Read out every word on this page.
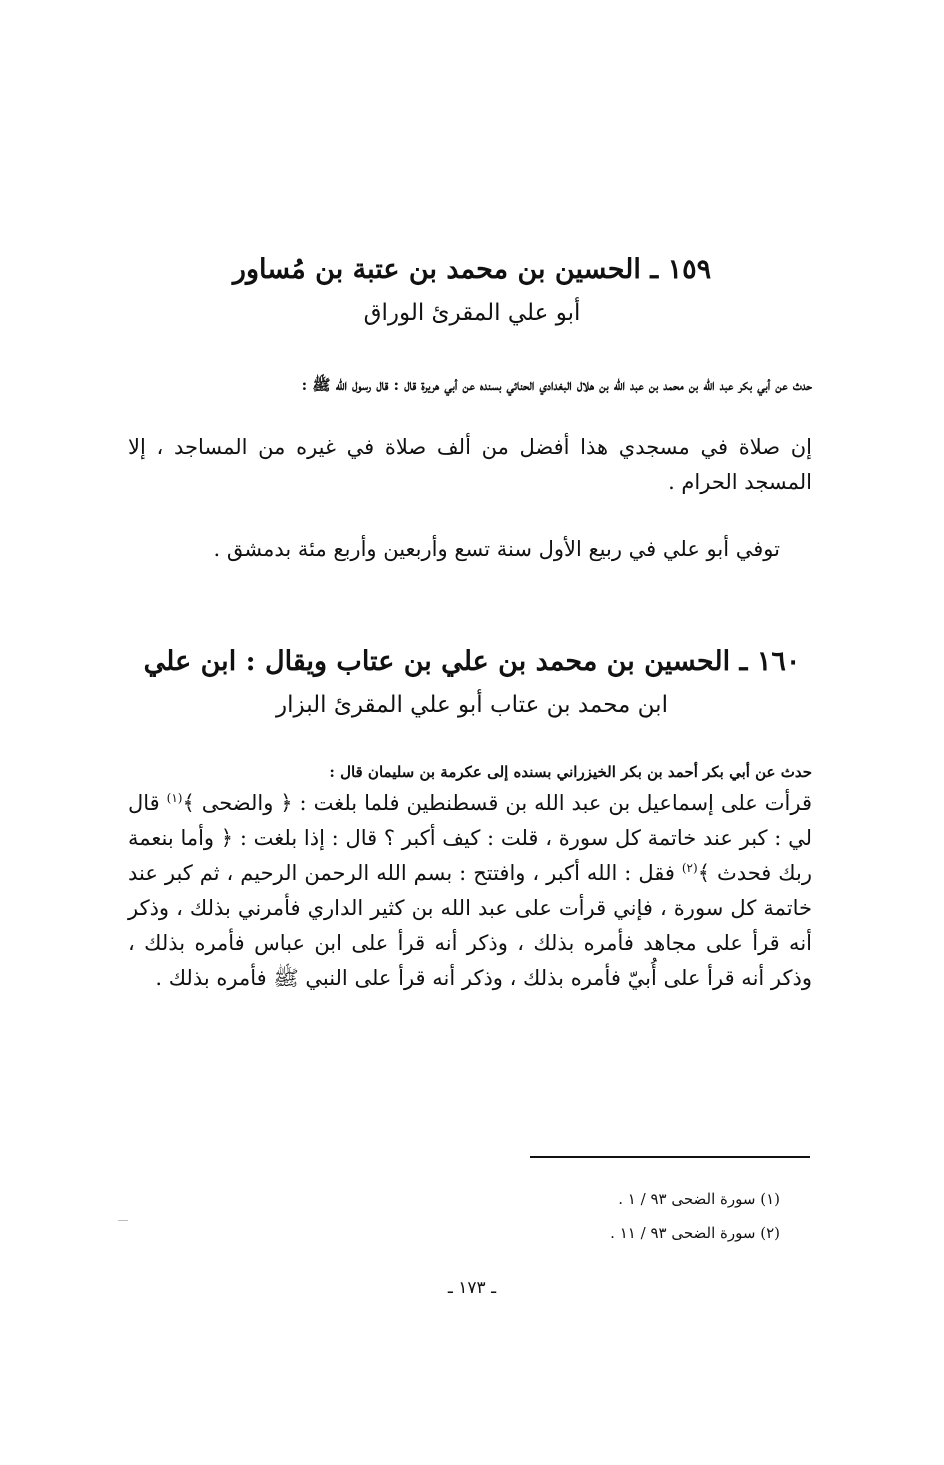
١٥٩ ـ الحسين بن محمد بن عتبة بن مُساور
أبو علي المقرئ الوراق
حدث عن أبي بكر عبد الله بن محمد بن عبد الله بن هلال البغدادي الحنائي بسنده عن أبي هريرة قال : قال رسول الله ﷺ :
إن صلاة في مسجدي هذا أفضل من ألف صلاة في غيره من المساجد ، إلا المسجد الحرام .
توفي أبو علي في ربيع الأول سنة تسع وأربعين وأربع مئة بدمشق .
١٦٠ ـ الحسين بن محمد بن علي بن عتاب ويقال : ابن علي
ابن محمد بن عتاب أبو علي المقرئ البزار
حدث عن أبي بكر أحمد بن بكر الخيزراني بسنده إلى عكرمة بن سليمان قال :
قرأت على إسماعيل بن عبد الله بن قسطنطين فلما بلغت : ﴿ والضحى ﴾$^{(١)}$ قال لي : كبر عند خاتمة كل سورة ، قلت : كيف أكبر ؟ قال : إذا بلغت : ﴿ وأما بنعمة ربك فحدث ﴾$^{(٢)}$ فقل : الله أكبر ، وافتتح : بسم الله الرحمن الرحيم ، ثم كبر عند خاتمة كل سورة ، فإني قرأت على عبد الله بن كثير الداري فأمرني بذلك ، وذكر أنه قرأ على مجاهد فأمره بذلك ، وذكر أنه قرأ على ابن عباس فأمره بذلك ، وذكر أنه قرأ على أُبيّ فأمره بذلك ، وذكر أنه قرأ على النبي ﷺ فأمره بذلك .
(١) سورة الضحى ٩٣ / ١ .
(٢) سورة الضحى ٩٣ / ١١ .
ـ ١٧٣ ـ
